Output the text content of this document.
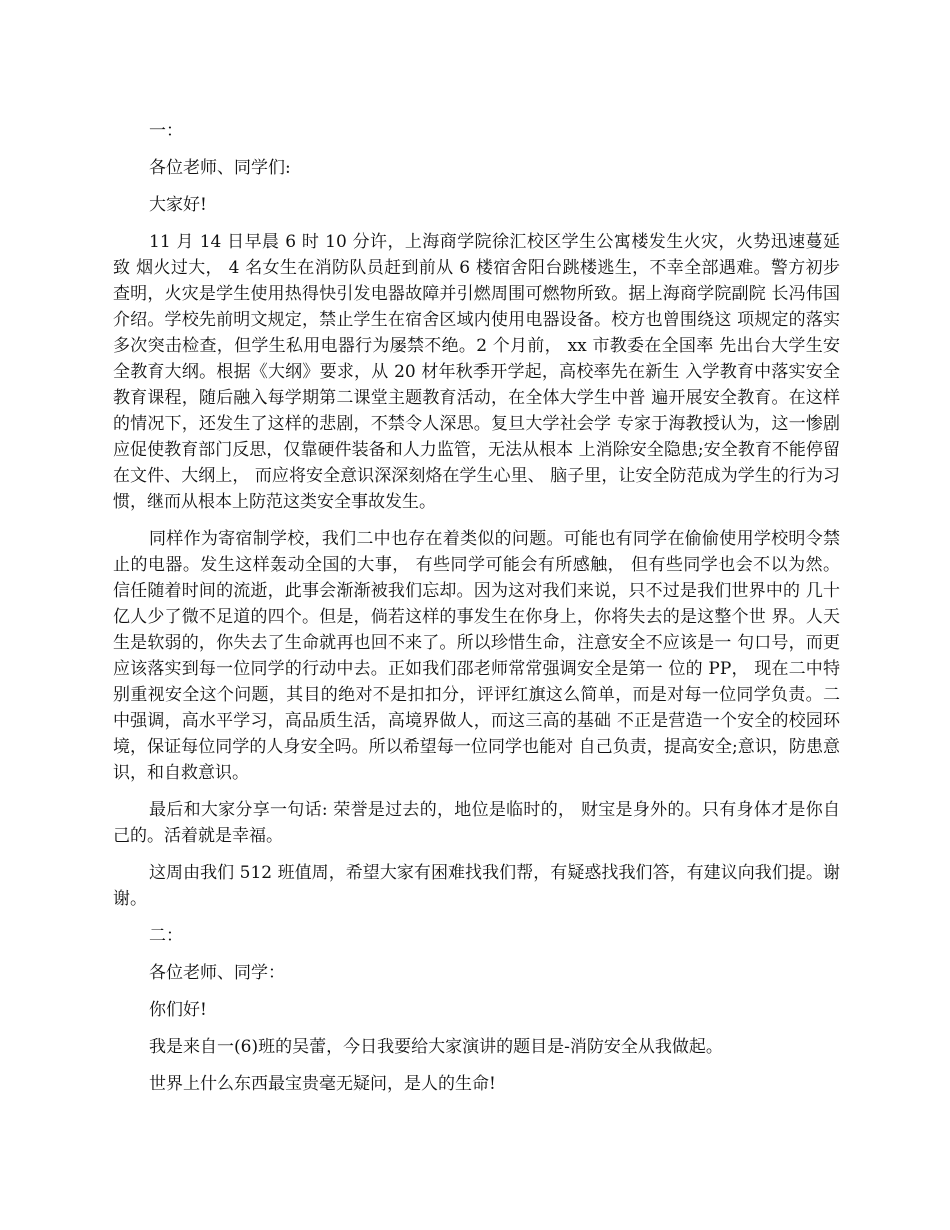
一：

各位老师、同学们:

大家好!

11 月 14 日早晨 6 时 10 分许，上海商学院徐汇校区学生公寓楼发生火灾，火势迅速蔓延致 烟火过大， 4 名女生在消防队员赶到前从 6 楼宿舍阳台跳楼逃生，不幸全部遇难。警方初步 查明，火灾是学生使用热得快引发电器故障并引燃周围可燃物所致。据上海商学院副院 长冯伟国介绍。学校先前明文规定，禁止学生在宿舍区域内使用电器设备。校方也曾围绕这 项规定的落实多次突击检查，但学生私用电器行为屡禁不绝。2 个月前， xx 市教委在全国率 先出台大学生安全教育大纲。根据《大纲》要求，从 20 材年秋季开学起，高校率先在新生 入学教育中落实安全教育课程，随后融入每学期第二课堂主题教育活动，在全体大学生中普 遍开展安全教育。在这样的情况下，还发生了这样的悲剧，不禁令人深思。复旦大学社会学 专家于海教授认为，这一惨剧应促使教育部门反思，仅靠硬件装备和人力监管，无法从根本 上消除安全隐患;安全教育不能停留在文件、大纲上， 而应将安全意识深深刻烙在学生心里、 脑子里，让安全防范成为学生的行为习惯，继而从根本上防范这类安全事故发生。

同样作为寄宿制学校，我们二中也存在着类似的问题。可能也有同学在偷偷使用学校明令禁 止的电器。发生这样轰动全国的大事， 有些同学可能会有所感触， 但有些同学也会不以为然。 信任随着时间的流逝，此事会渐渐被我们忘却。因为这对我们来说，只不过是我们世界中的 几十亿人少了微不足道的四个。但是，倘若这样的事发生在你身上，你将失去的是这整个世 界。人天生是软弱的，你失去了生命就再也回不来了。所以珍惜生命，注意安全不应该是一 句口号，而更应该落实到每一位同学的行动中去。正如我们邵老师常常强调安全是第一 位的 PP， 现在二中特别重视安全这个问题，其目的绝对不是扣扣分，评评红旗这么简单，而是对每一位同学负责。二中强调，高水平学习，高品质生活，高境界做人，而这三高的基础 不正是营造一个安全的校园环境，保证每位同学的人身安全吗。所以希望每一位同学也能对 自己负责，提高安全;意识，防患意识，和自救意识。

最后和大家分享一句话: 荣誉是过去的，地位是临时的， 财宝是身外的。只有身体才是你自 己的。活着就是幸福。

这周由我们 512 班值周，希望大家有困难找我们帮，有疑惑找我们答，有建议向我们提。谢谢。

二：

各位老师、同学：

你们好!

我是来自一(6)班的吴蕾，今日我要给大家演讲的题目是-消防安全从我做起。

世界上什么东西最宝贵毫无疑问，是人的生命!
